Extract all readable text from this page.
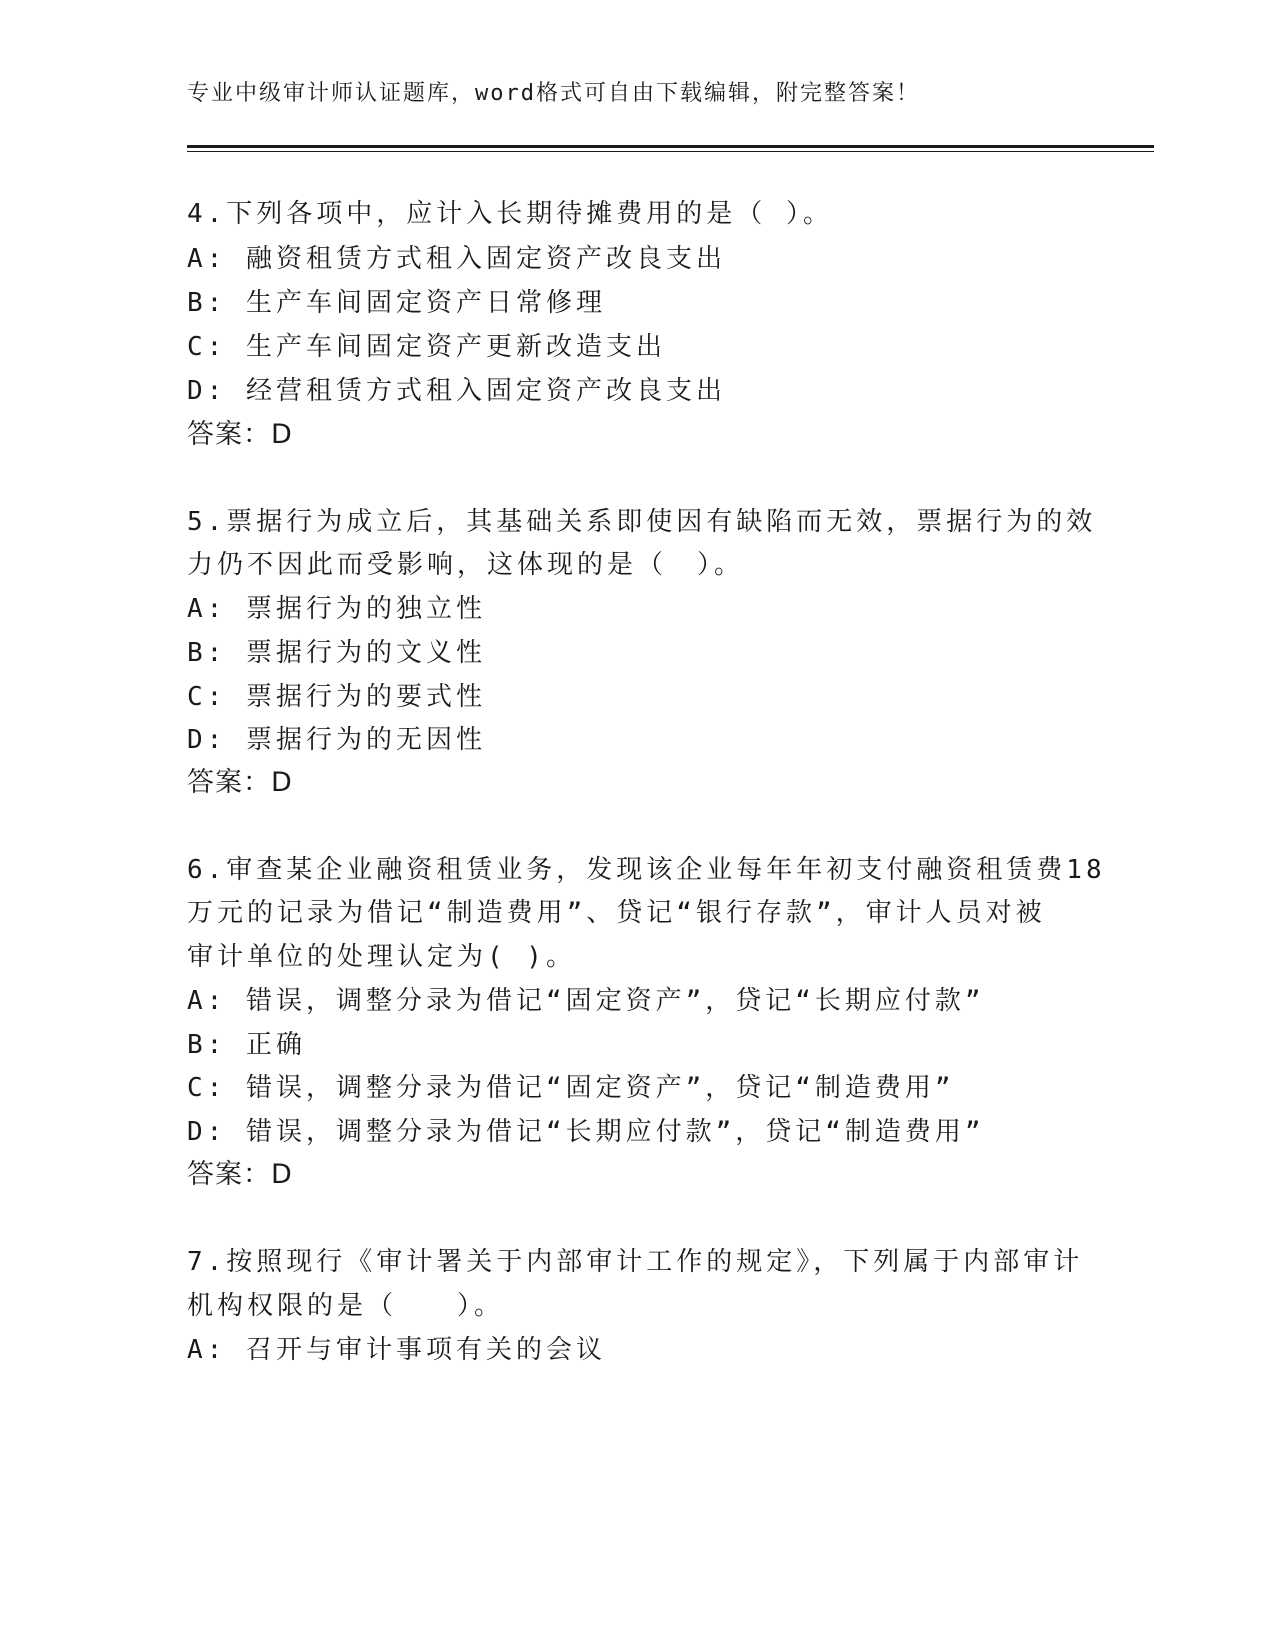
专业中级审计师认证题库，word格式可自由下载编辑，附完整答案！
4.下列各项中，应计入长期待摊费用的是（ ）。
A: 融资租赁方式租入固定资产改良支出
B: 生产车间固定资产日常修理
C: 生产车间固定资产更新改造支出
D: 经营租赁方式租入固定资产改良支出
答案：D
5.票据行为成立后，其基础关系即使因有缺陷而无效，票据行为的效
力仍不因此而受影响，这体现的是（　）。
A: 票据行为的独立性
B: 票据行为的文义性
C: 票据行为的要式性
D: 票据行为的无因性
答案：D
6.审查某企业融资租赁业务，发现该企业每年年初支付融资租赁费18
万元的记录为借记“制造费用”、贷记“银行存款”，审计人员对被
审计单位的处理认定为( )。
A: 错误，调整分录为借记“固定资产”，贷记“长期应付款”
B: 正确
C: 错误，调整分录为借记“固定资产”，贷记“制造费用”
D: 错误，调整分录为借记“长期应付款”，贷记“制造费用”
答案：D
7.按照现行《审计署关于内部审计工作的规定》，下列属于内部审计
机构权限的是（　　）。
A: 召开与审计事项有关的会议
